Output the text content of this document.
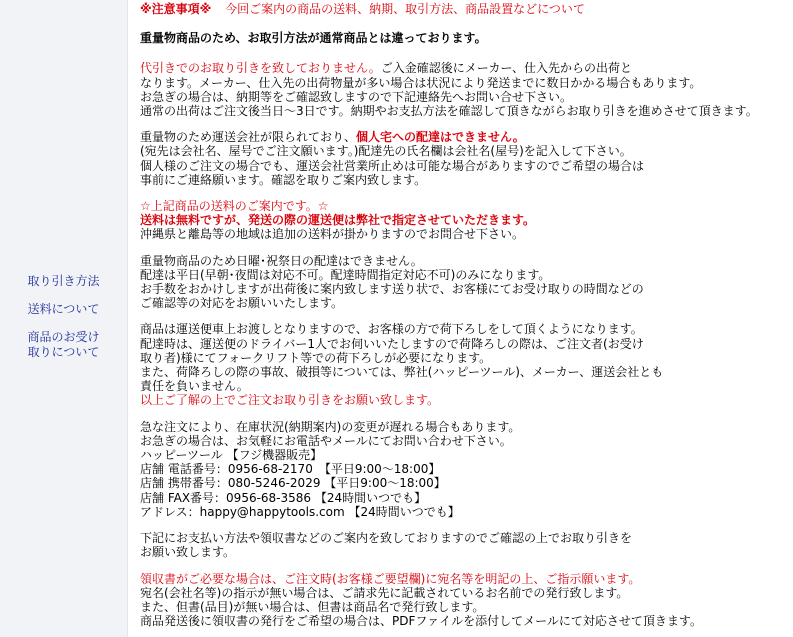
取り引き方法
送料について
商品のお受け
取りについて

※注意事項※ 今回ご案内の商品の送料、納期、取引方法、商品設置などについて

重量物商品のため、お取引方法が通常商品とは違っております。

代引きでのお取り引きを致しておりません。ご入金確認後にメーカー、仕入先からの出荷と

なります。メーカー、仕入先の出荷物量が多い場合は状況により発送までに数日かかる場合もあります。

お急ぎの場合は、納期等をご確認致しますので下記連絡先へお問い合せ下さい。

通常の出荷はご注文後当日～3日です。納期やお支払方法を確認して頂きながらお取り引きを進めさせて頂きます。

重量物のため運送会社が限られており、個人宅への配達はできません。

(宛先は会社名、屋号でご注文願います。)配達先の氏名欄は会社名(屋号)を記入して下さい。

個人様のご注文の場合でも、運送会社営業所止めは可能な場合がありますのでご希望の場合は

事前にご連絡願います。確認を取りご案内致します。

☆上記商品の送料のご案内です。☆

送料は無料ですが、発送の際の運送便は弊社で指定させていただきます。

沖縄県と離島等の地域は追加の送料が掛かりますのでお問合せ下さい。

重量物商品のため日曜･祝祭日の配達はできません。

配達は平日(早朝･夜間は対応不可。配達時間指定対応不可)のみになります。

お手数をおかけしますが出荷後に案内致します送り状で、お客様にてお受け取りの時間などの

ご確認等の対応をお願いいたします。

商品は運送便車上お渡しとなりますので、お客様の方で荷下ろしをして頂くようになります。

配達時は、運送便のドライバー1人でお伺いいたしますので荷降ろしの際は、ご注文者(お受け

取り者)様にてフォークリフト等での荷下ろしが必要になります。

また、荷降ろしの際の事故、破損等については、弊社(ハッピーツール)、メーカー、運送会社とも

責任を負いません。

以上ご了解の上でご注文お取り引きをお願い致します。

急な注文により、在庫状況(納期案内)の変更が遅れる場合もあります。

お急ぎの場合は、お気軽にお電話やメールにてお問い合わせ下さい。

ハッピーツール 【フジ機器販売】

店舗 電話番号：0956-68-2170　【平日9:00～18:00】

店舗 携帯番号：080-5246-2029 【平日9:00～18:00】

店舗 FAX番号：0956-68-3586 【24時間いつでも】

アドレス：happy@happytools.com 【24時間いつでも】

下記にお支払い方法や領収書などのご案内を致しておりますのでご確認の上でお取り引きを

お願い致します。

領収書がご必要な場合は、ご注文時(お客様ご要望欄)に宛名等を明記の上、ご指示願います。

宛名(会社名等)の指示が無い場合は、ご請求先に記載されているお名前での発行致します。

また、但書(品目)が無い場合は、但書は商品名で発行致します。

商品発送後に領収書の発行をご希望の場合は、PDFファイルを添付してメールにて対応させて頂きます。
